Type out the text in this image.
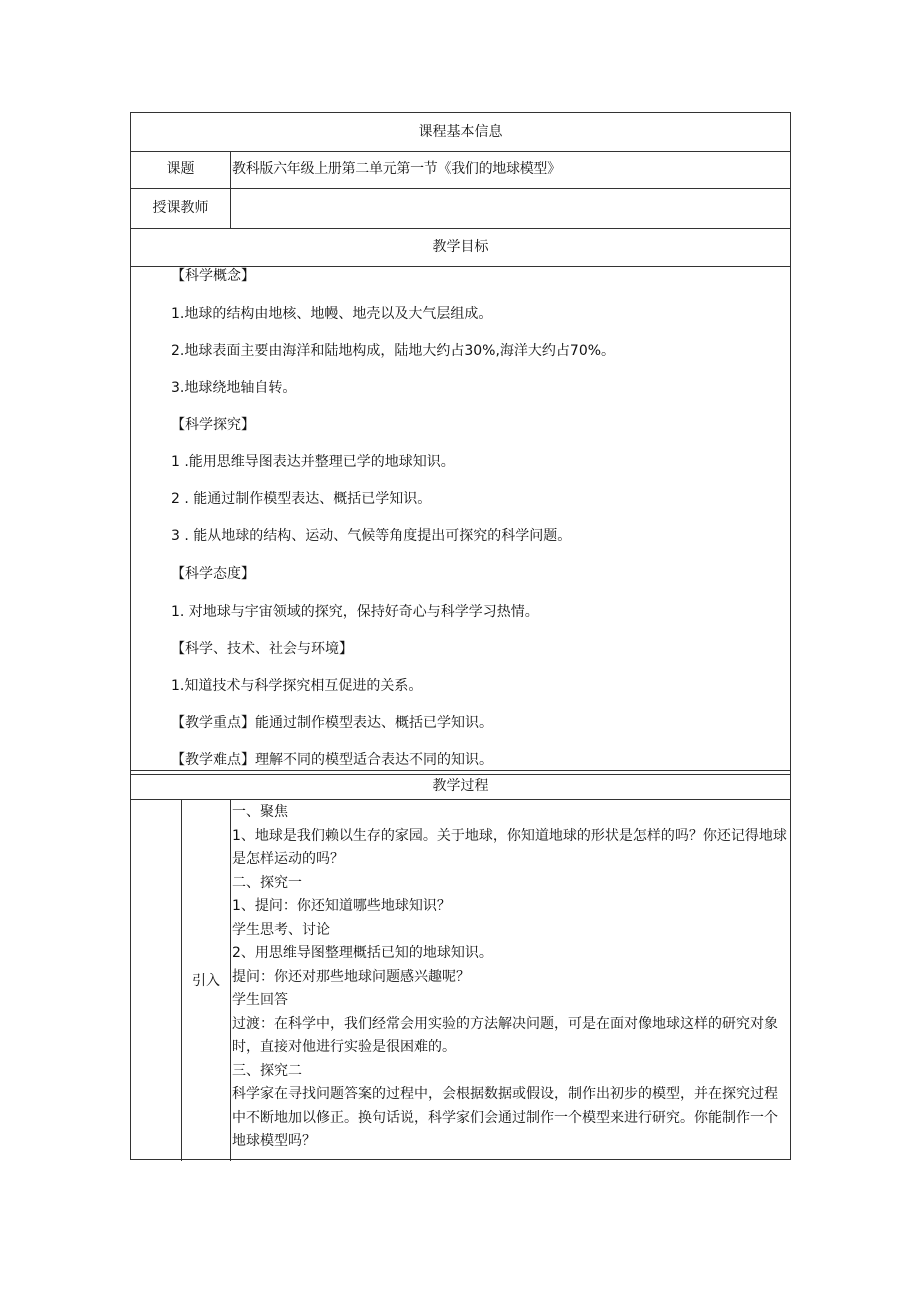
课程基本信息
课题	教科版六年级上册第二单元第一节《我们的地球模型》
授课教师
教学目标
【科学概念】
1.地球的结构由地核、地幔、地壳以及大气层组成。
2.地球表面主要由海洋和陆地构成，陆地大约占30%,海洋大约占70%。
3.地球绕地轴自转。
【科学探究】
1 .能用思维导图表达并整理已学的地球知识。
2 . 能通过制作模型表达、概括已学知识。
3 . 能从地球的结构、运动、气候等角度提出可探究的科学问题。
【科学态度】
1. 对地球与宇宙领域的探究，保持好奇心与科学学习热情。
【科学、技术、社会与环境】
1.知道技术与科学探究相互促进的关系。
【教学重点】能通过制作模型表达、概括已学知识。
【教学难点】理解不同的模型适合表达不同的知识。
教学过程
引入
一、聚焦
1、地球是我们赖以生存的家园。关于地球，你知道地球的形状是怎样的吗？你还记得地球是怎样运动的吗？
二、探究一
1、提问：你还知道哪些地球知识？
学生思考、讨论
2、用思维导图整理概括已知的地球知识。
提问：你还对那些地球问题感兴趣呢？
学生回答
过渡：在科学中，我们经常会用实验的方法解决问题，可是在面对像地球这样的研究对象时，直接对他进行实验是很困难的。
三、探究二
科学家在寻找问题答案的过程中，会根据数据或假设，制作出初步的模型，并在探究过程中不断地加以修正。换句话说，科学家们会通过制作一个模型来进行研究。你能制作一个地球模型吗？
